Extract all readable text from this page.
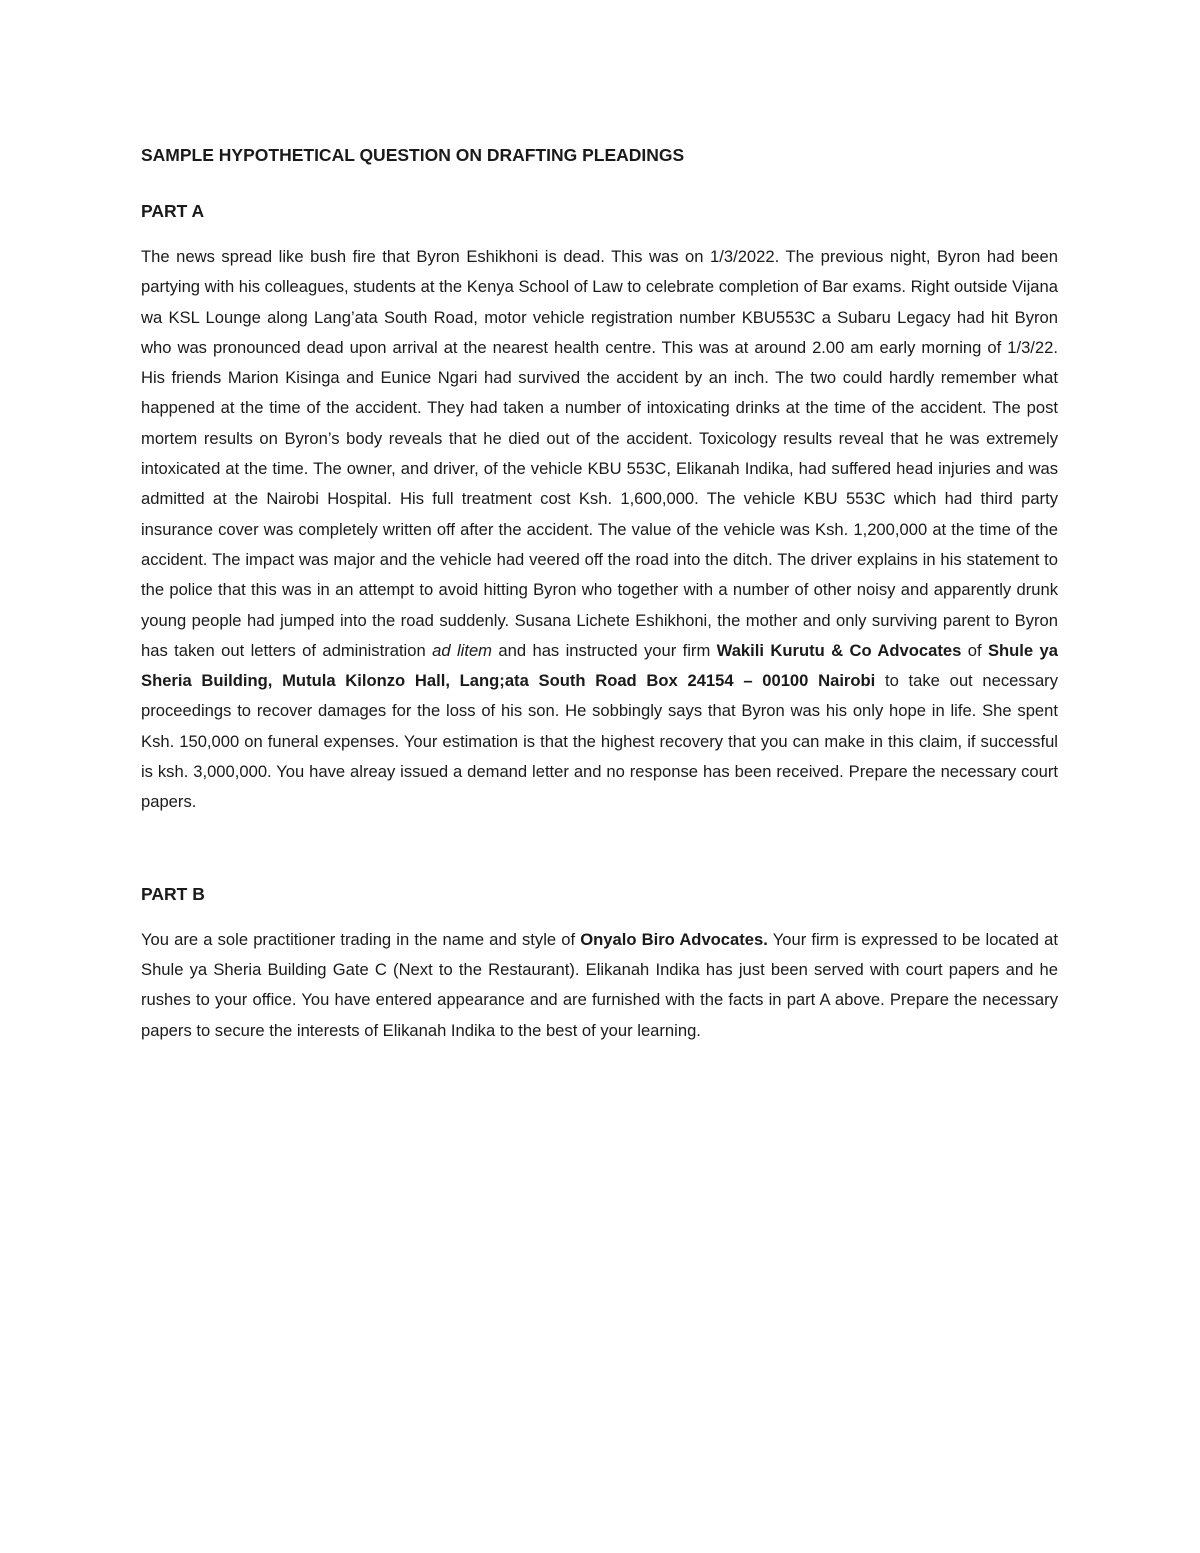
SAMPLE HYPOTHETICAL QUESTION ON DRAFTING PLEADINGS
PART A

The news spread like bush fire that Byron Eshikhoni is dead. This was on 1/3/2022. The previous night, Byron had been partying with his colleagues, students at the Kenya School of Law to celebrate completion of Bar exams. Right outside Vijana wa KSL Lounge along Lang’ata South Road, motor vehicle registration number KBU553C a Subaru Legacy had hit Byron who was pronounced dead upon arrival at the nearest health centre. This was at around 2.00 am early morning of 1/3/22. His friends Marion Kisinga and Eunice Ngari had survived the accident by an inch. The two could hardly remember what happened at the time of the accident. They had taken a number of intoxicating drinks at the time of the accident. The post mortem results on Byron’s body reveals that he died out of the accident. Toxicology results reveal that he was extremely intoxicated at the time. The owner, and driver, of the vehicle KBU 553C, Elikanah Indika, had suffered head injuries and was admitted at the Nairobi Hospital. His full treatment cost Ksh. 1,600,000. The vehicle KBU 553C which had third party insurance cover was completely written off after the accident. The value of the vehicle was Ksh. 1,200,000 at the time of the accident. The impact was major and the vehicle had veered off the road into the ditch. The driver explains in his statement to the police that this was in an attempt to avoid hitting Byron who together with a number of other noisy and apparently drunk young people had jumped into the road suddenly. Susana Lichete Eshikhoni, the mother and only surviving parent to Byron has taken out letters of administration ad litem and has instructed your firm Wakili Kurutu & Co Advocates of Shule ya Sheria Building, Mutula Kilonzo Hall, Lang;ata South Road Box 24154 – 00100 Nairobi to take out necessary proceedings to recover damages for the loss of his son. He sobbingly says that Byron was his only hope in life. She spent Ksh. 150,000 on funeral expenses. Your estimation is that the highest recovery that you can make in this claim, if successful is ksh. 3,000,000. You have alreay issued a demand letter and no response has been received. Prepare the necessary court papers.

PART B

You are a sole practitioner trading in the name and style of Onyalo Biro Advocates. Your firm is expressed to be located at Shule ya Sheria Building Gate C (Next to the Restaurant). Elikanah Indika has just been served with court papers and he rushes to your office. You have entered appearance and are furnished with the facts in part A above. Prepare the necessary papers to secure the interests of Elikanah Indika to the best of your learning.
